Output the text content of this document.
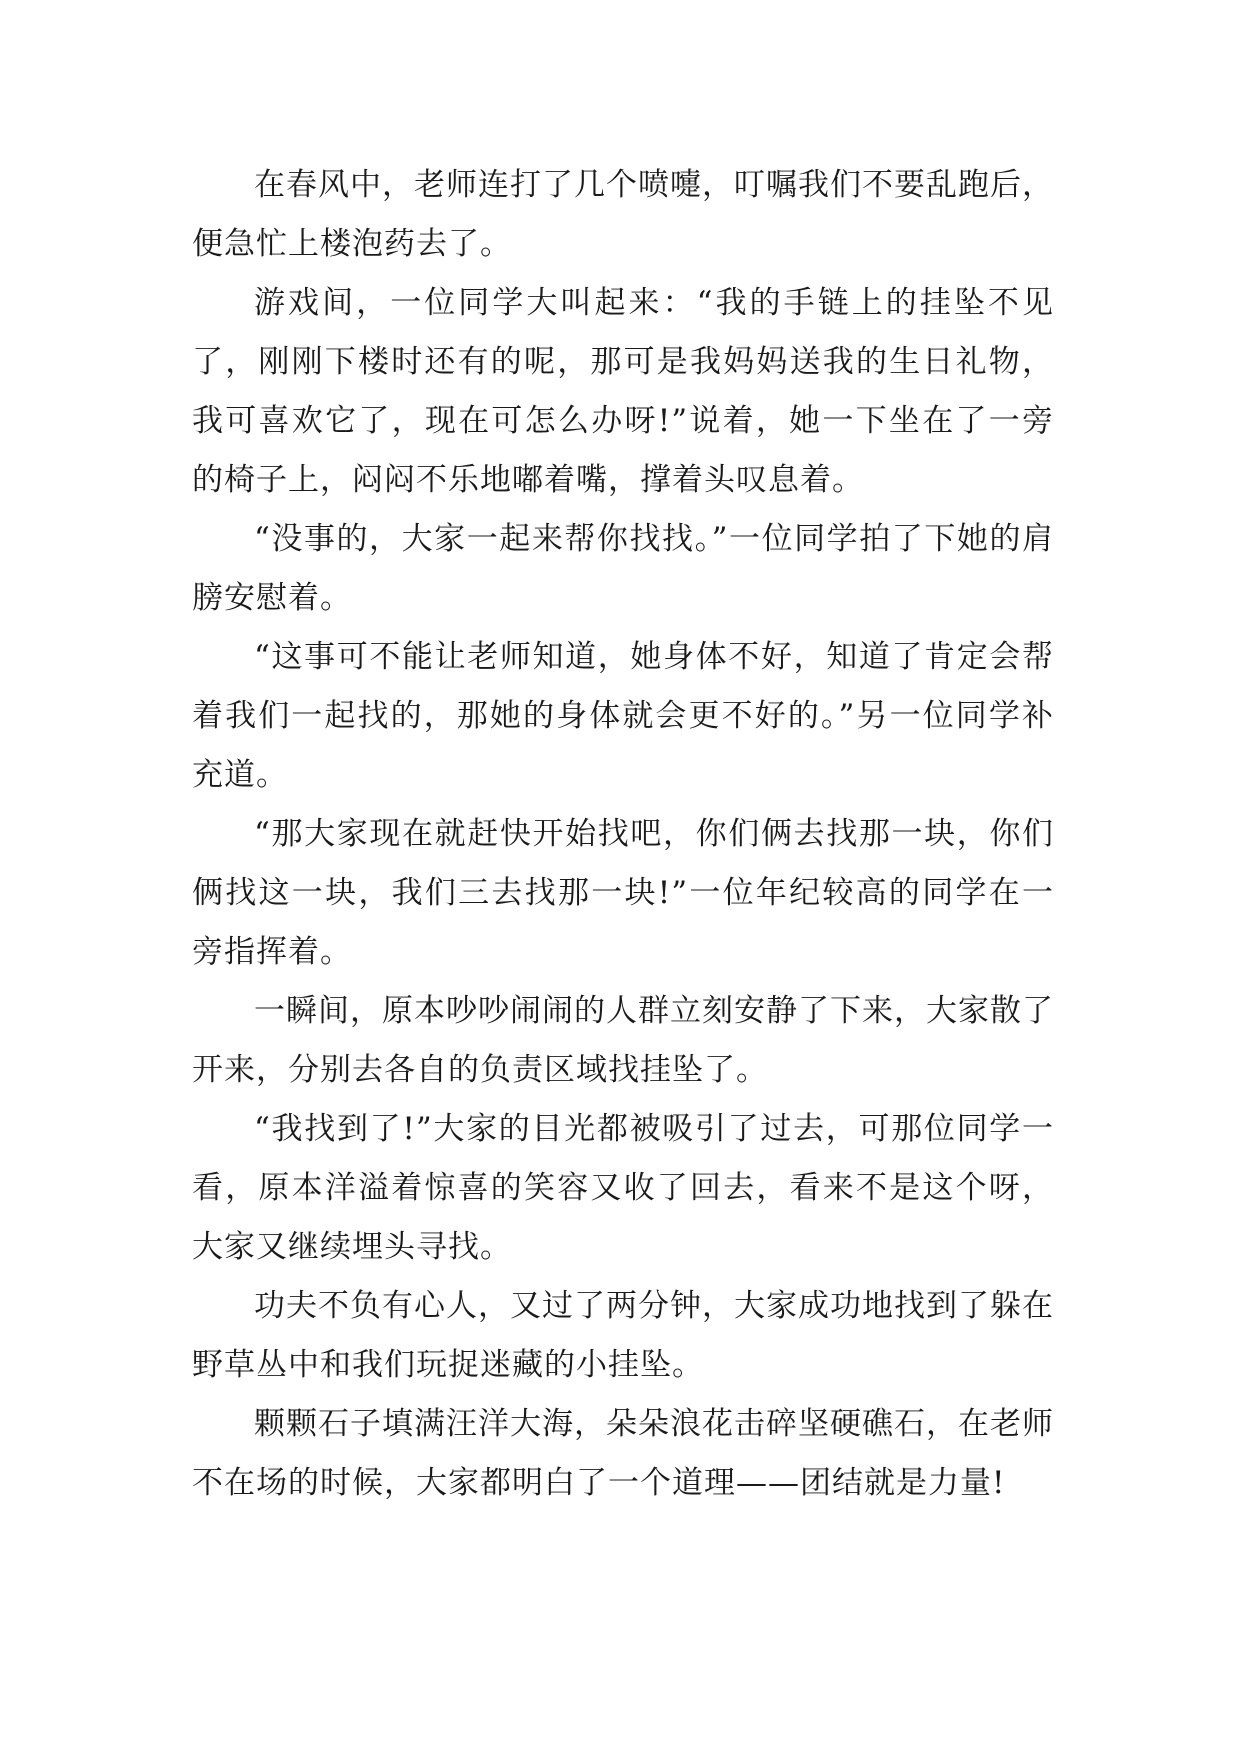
在春风中，老师连打了几个喷嚏，叮嘱我们不要乱跑后，便急忙上楼泡药去了。

游戏间，一位同学大叫起来：“我的手链上的挂坠不见了，刚刚下楼时还有的呢，那可是我妈妈送我的生日礼物，我可喜欢它了，现在可怎么办呀!”说着，她一下坐在了一旁的椅子上，闷闷不乐地嘟着嘴，撑着头叹息着。

“没事的，大家一起来帮你找找。”一位同学拍了下她的肩膀安慰着。

“这事可不能让老师知道，她身体不好，知道了肯定会帮着我们一起找的，那她的身体就会更不好的。”另一位同学补充道。

“那大家现在就赶快开始找吧，你们俩去找那一块，你们俩找这一块，我们三去找那一块!”一位年纪较高的同学在一旁指挥着。

一瞬间，原本吵吵闹闹的人群立刻安静了下来，大家散了开来，分别去各自的负责区域找挂坠了。

“我找到了!”大家的目光都被吸引了过去，可那位同学一看，原本洋溢着惊喜的笑容又收了回去，看来不是这个呀，大家又继续埋头寻找。

功夫不负有心人，又过了两分钟，大家成功地找到了躲在野草丛中和我们玩捉迷藏的小挂坠。

颗颗石子填满汪洋大海，朵朵浪花击碎坚硬礁石，在老师不在场的时候，大家都明白了一个道理——团结就是力量!
